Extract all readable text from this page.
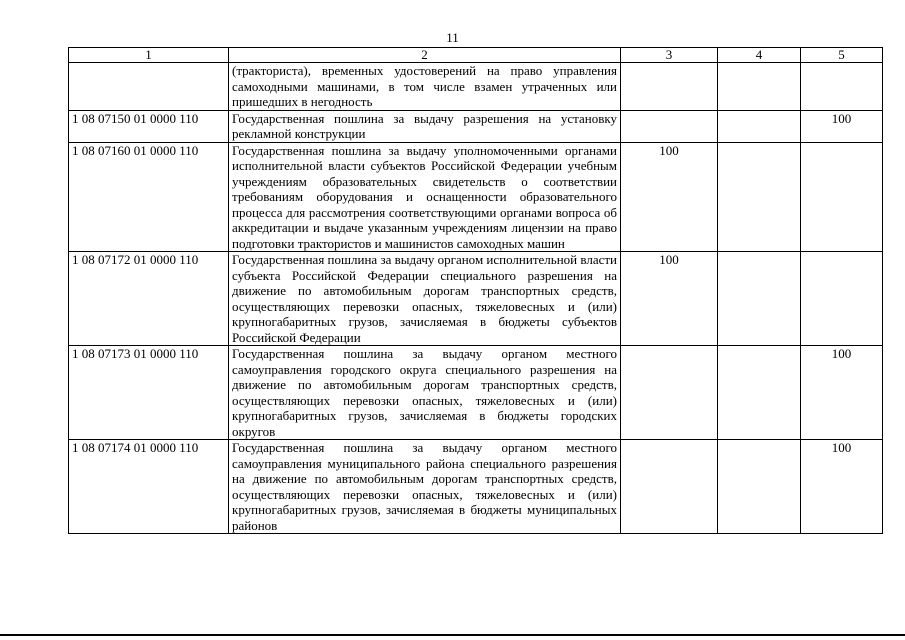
11
1	2	3	4	5
	(тракториста), временных удостоверений на право управления самоходными машинами, в том числе взамен утраченных или пришедших в негодность			
1 08 07150 01 0000 110	Государственная пошлина за выдачу разрешения на установку рекламной конструкции			100
1 08 07160 01 0000 110	Государственная пошлина за выдачу уполномоченными органами исполнительной власти субъектов Российской Федерации учебным учреждениям образовательных свидетельств о соответствии требованиям оборудования и оснащенности образовательного процесса для рассмотрения соответствующими органами вопроса об аккредитации и выдаче указанным учреждениям лицензии на право подготовки трактористов и машинистов самоходных машин	100		
1 08 07172 01 0000 110	Государственная пошлина за выдачу органом исполнительной власти субъекта Российской Федерации специального разрешения на движение по автомобильным дорогам транспортных средств, осуществляющих перевозки опасных, тяжеловесных и (или) крупногабаритных грузов, зачисляемая в бюджеты субъектов Российской Федерации	100		
1 08 07173 01 0000 110	Государственная пошлина за выдачу органом местного самоуправления городского округа специального разрешения на движение по автомобильным дорогам транспортных средств, осуществляющих перевозки опасных, тяжеловесных и (или) крупногабаритных грузов, зачисляемая в бюджеты городских округов			100
1 08 07174 01 0000 110	Государственная пошлина за выдачу органом местного самоуправления муниципального района специального разрешения на движение по автомобильным дорогам транспортных средств, осуществляющих перевозки опасных, тяжеловесных и (или) крупногабаритных грузов, зачисляемая в бюджеты муниципальных районов			100
